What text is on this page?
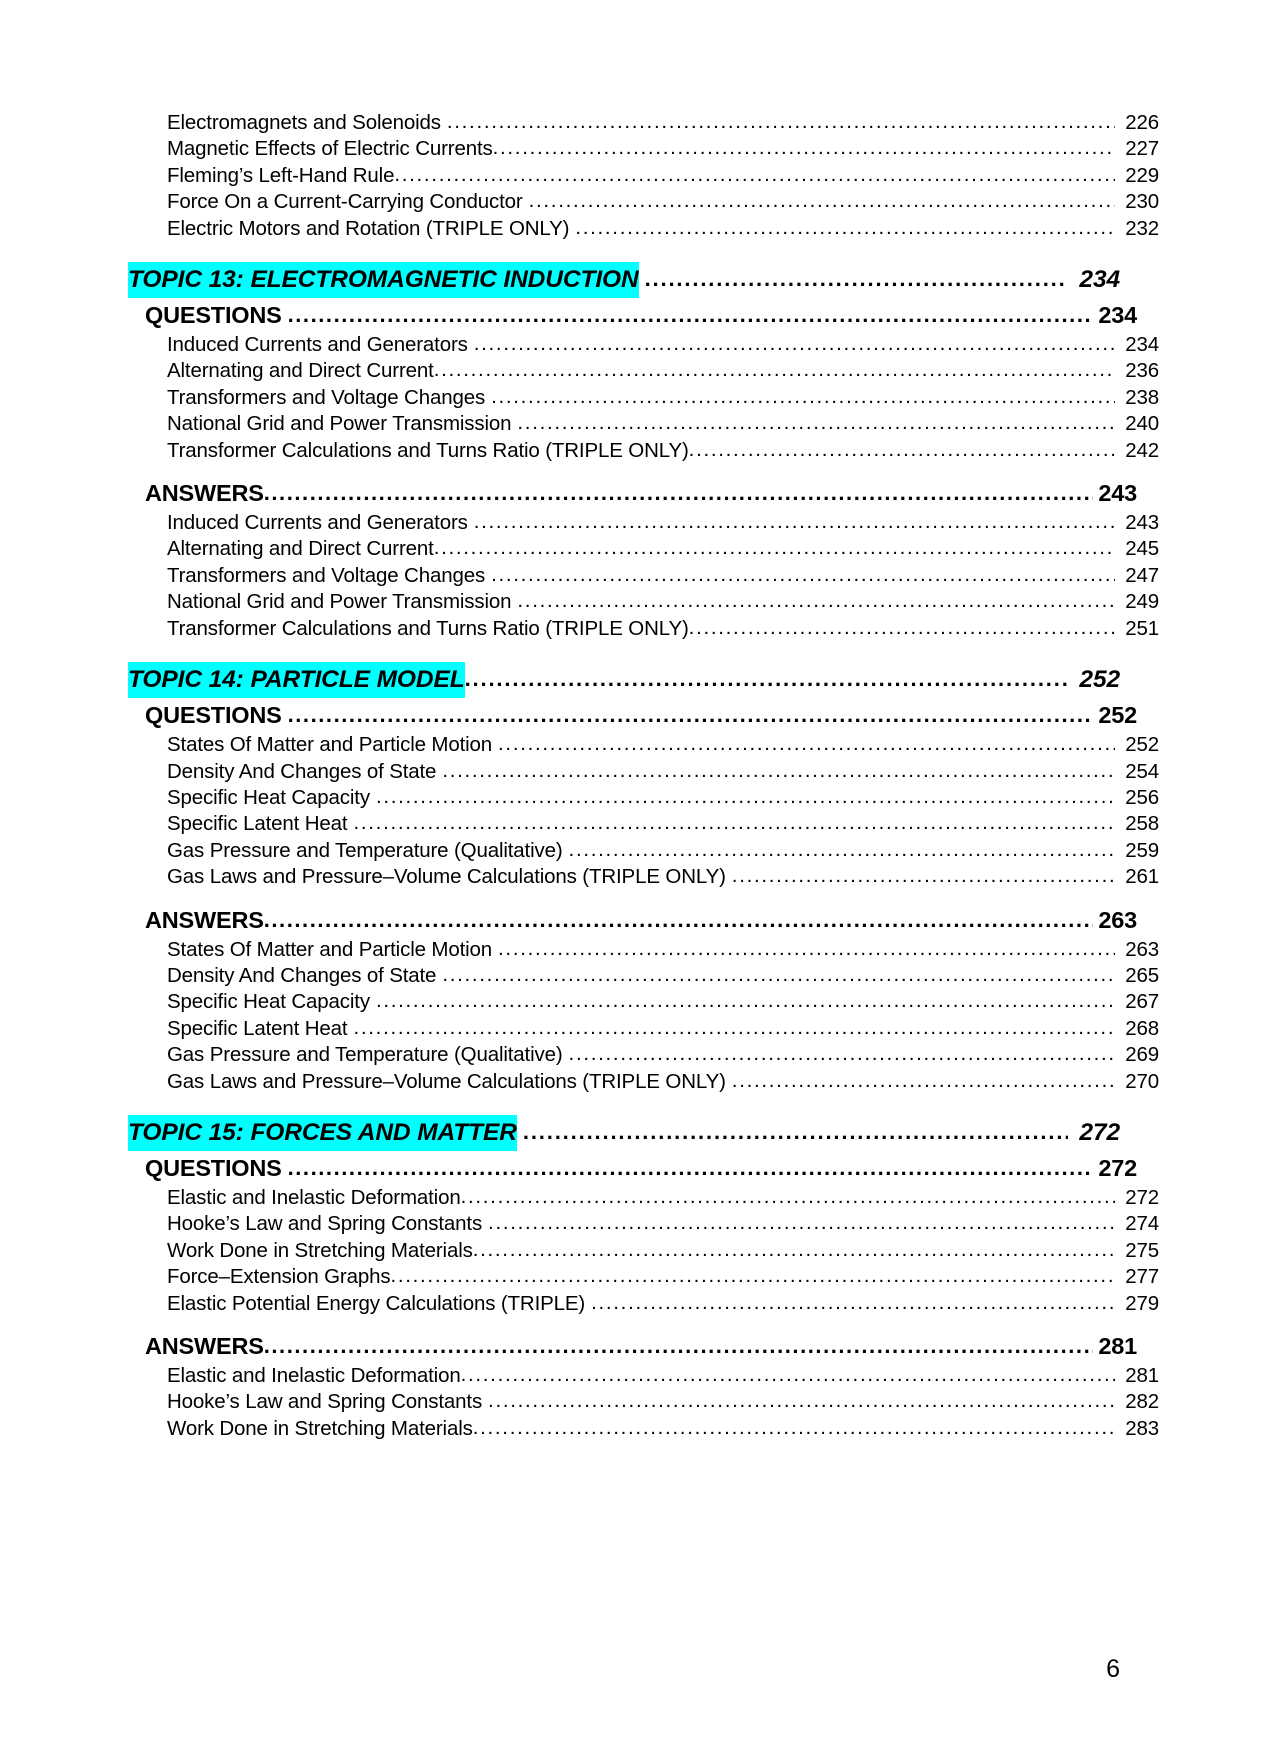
Electromagnets and Solenoids .....	226
Magnetic Effects of Electric Currents .....	227
Fleming’s Left-Hand Rule .....	229
Force On a Current-Carrying Conductor .....	230
Electric Motors and Rotation (TRIPLE ONLY) .....	232
TOPIC 13: ELECTROMAGNETIC INDUCTION .....	234
QUESTIONS .....	234
Induced Currents and Generators .....	234
Alternating and Direct Current .....	236
Transformers and Voltage Changes .....	238
National Grid and Power Transmission .....	240
Transformer Calculations and Turns Ratio (TRIPLE ONLY) .....	242
ANSWERS .....	243
Induced Currents and Generators .....	243
Alternating and Direct Current .....	245
Transformers and Voltage Changes .....	247
National Grid and Power Transmission .....	249
Transformer Calculations and Turns Ratio (TRIPLE ONLY) .....	251
TOPIC 14: PARTICLE MODEL .....	252
QUESTIONS .....	252
States Of Matter and Particle Motion .....	252
Density And Changes of State .....	254
Specific Heat Capacity .....	256
Specific Latent Heat .....	258
Gas Pressure and Temperature (Qualitative) .....	259
Gas Laws and Pressure–Volume Calculations (TRIPLE ONLY) .....	261
ANSWERS .....	263
States Of Matter and Particle Motion .....	263
Density And Changes of State .....	265
Specific Heat Capacity .....	267
Specific Latent Heat .....	268
Gas Pressure and Temperature (Qualitative) .....	269
Gas Laws and Pressure–Volume Calculations (TRIPLE ONLY) .....	270
TOPIC 15: FORCES AND MATTER .....	272
QUESTIONS .....	272
Elastic and Inelastic Deformation .....	272
Hooke’s Law and Spring Constants .....	274
Work Done in Stretching Materials .....	275
Force–Extension Graphs .....	277
Elastic Potential Energy Calculations (TRIPLE) .....	279
ANSWERS .....	281
Elastic and Inelastic Deformation .....	281
Hooke’s Law and Spring Constants .....	282
Work Done in Stretching Materials .....	283
6
